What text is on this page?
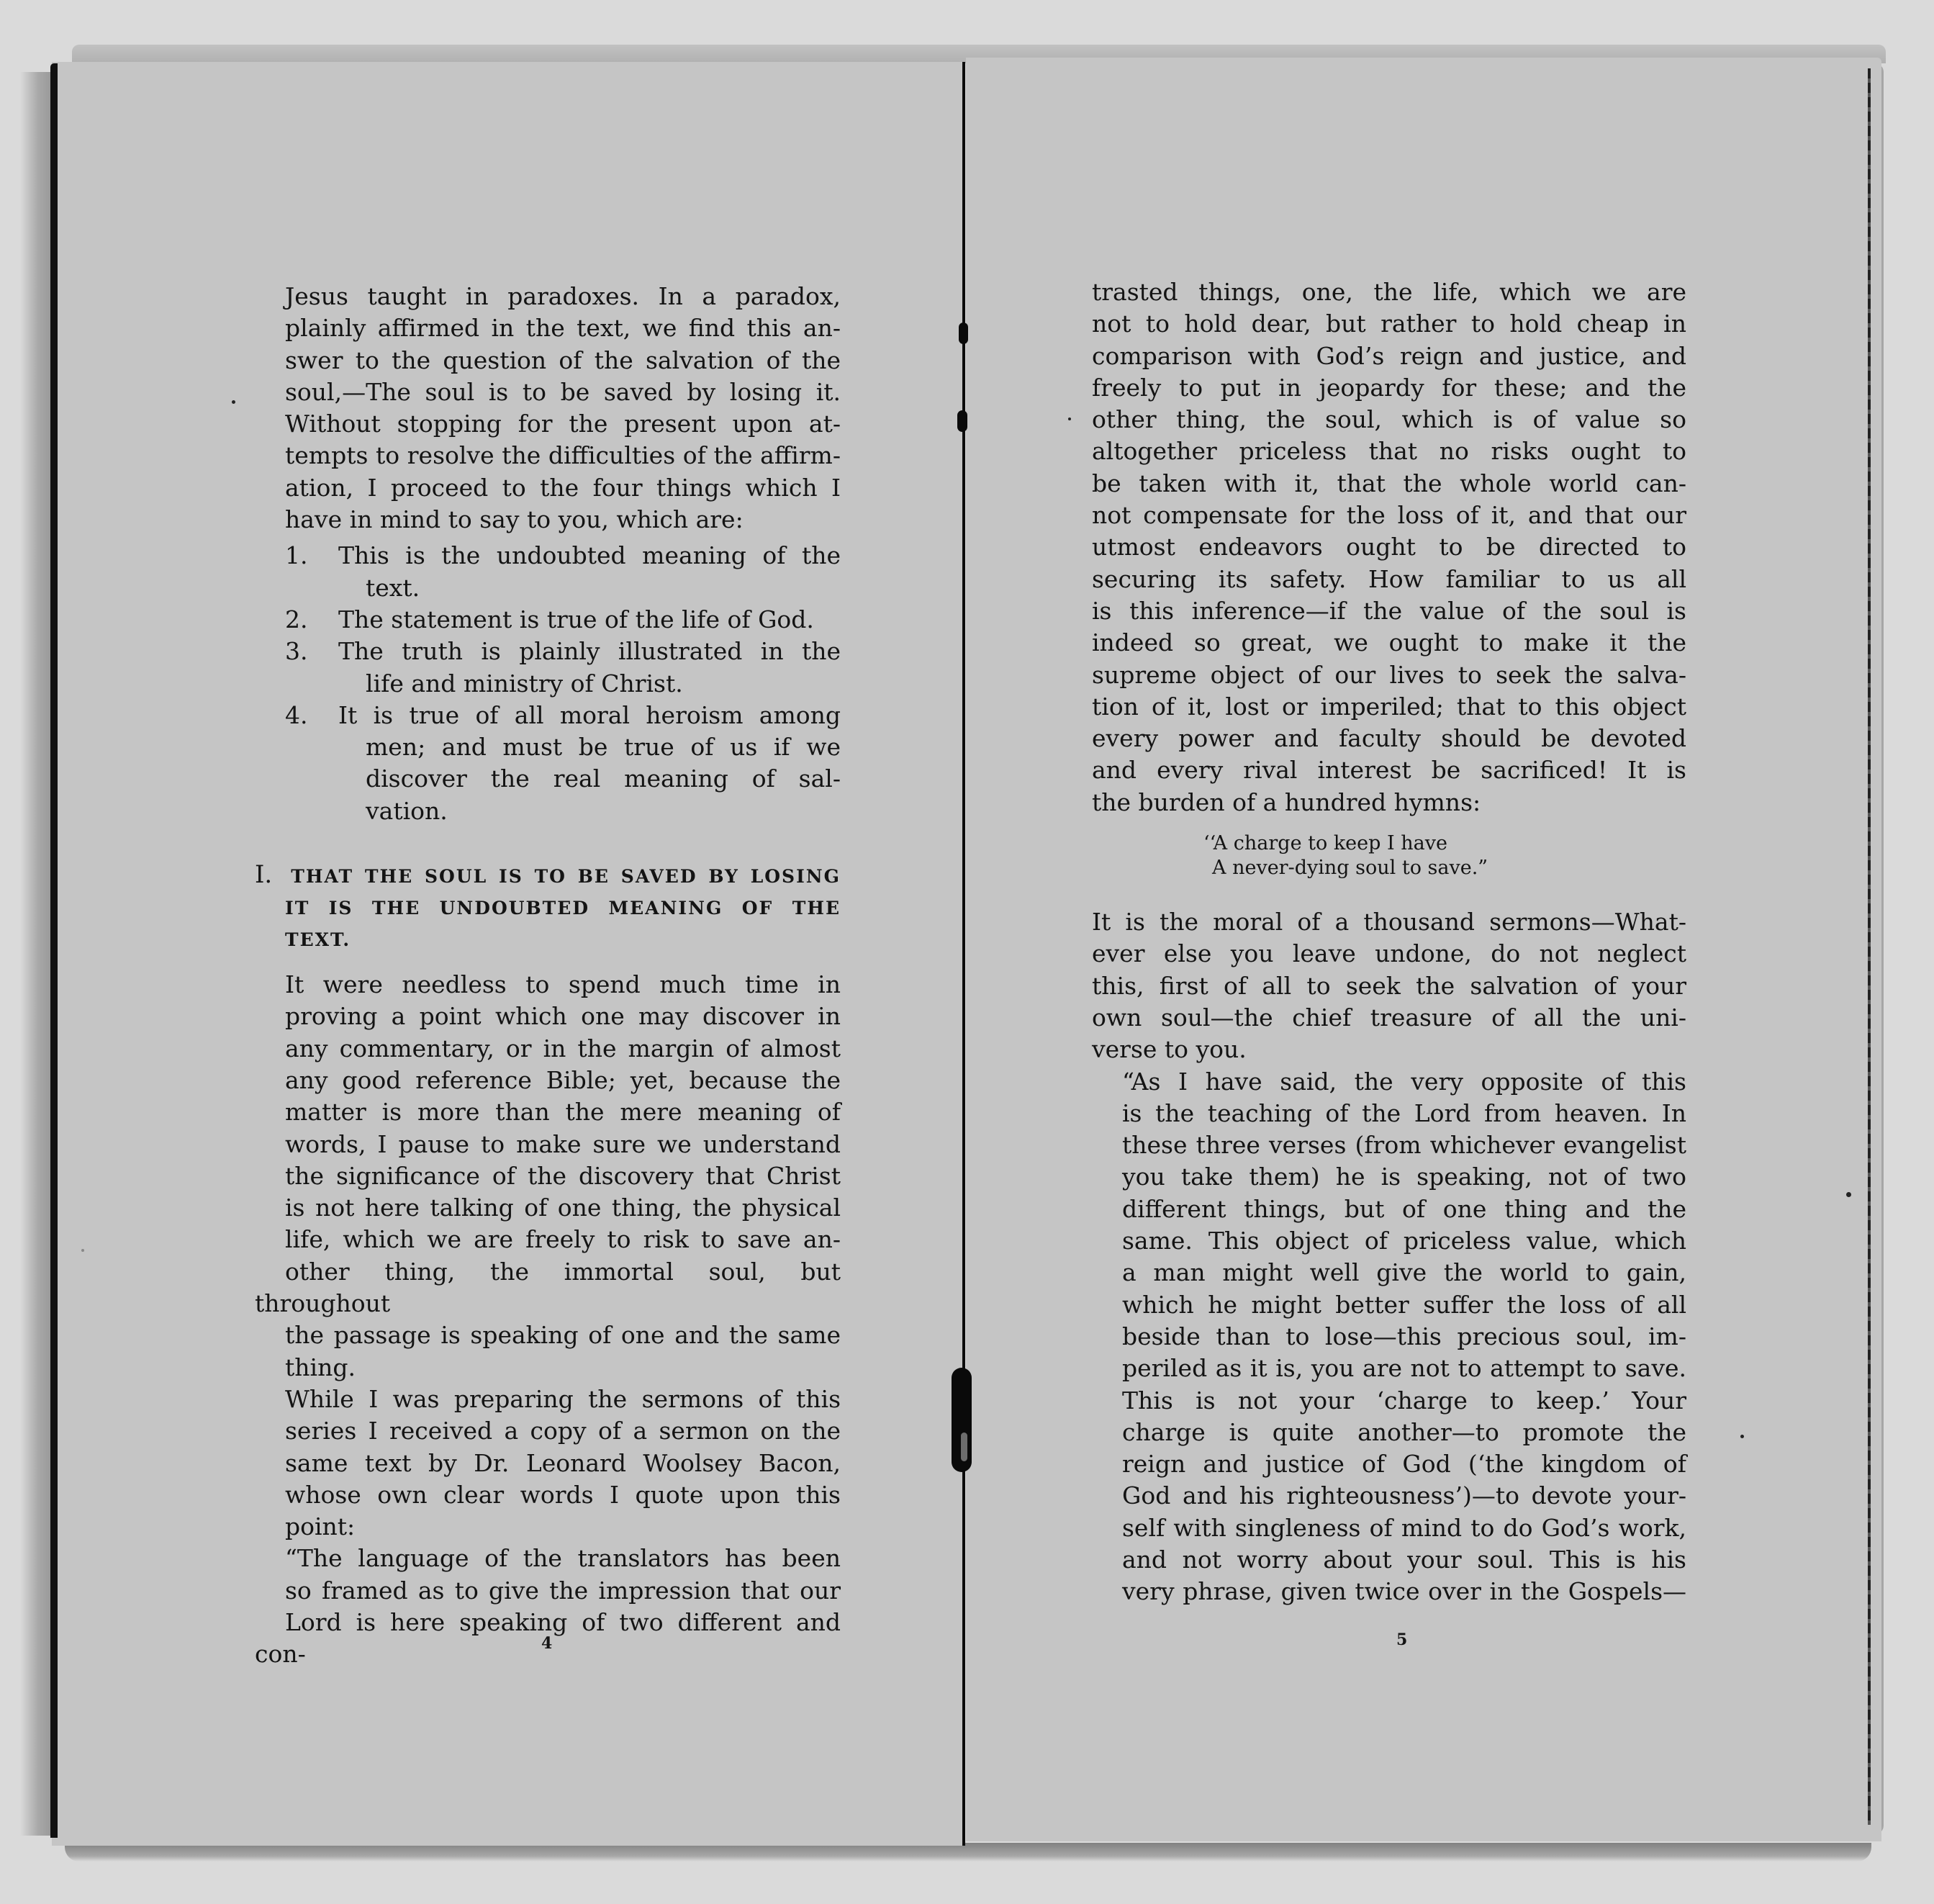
Jesus taught in paradoxes. In a paradox,
plainly affirmed in the text, we find this an-
swer to the question of the salvation of the
soul,—The soul is to be saved by losing it.

Without stopping for the present upon at-
tempts to resolve the difficulties of the affirm-
ation, I proceed to the four things which I
have in mind to say to you, which are:

1. This is the undoubted meaning of the
text.
2. The statement is true of the life of God.
3. The truth is plainly illustrated in the
life and ministry of Christ.
4. It is true of all moral heroism among
men; and must be true of us if we
discover the real meaning of sal-
vation.
I. THAT THE SOUL IS TO BE SAVED BY LOSING
IT IS THE UNDOUBTED MEANING OF THE
TEXT.

It were needless to spend much time in
proving a point which one may discover in
any commentary, or in the margin of almost
any good reference Bible; yet, because the
matter is more than the mere meaning of
words, I pause to make sure we understand
the significance of the discovery that Christ
is not here talking of one thing, the physical
life, which we are freely to risk to save an-
other thing, the immortal soul, but throughout
the passage is speaking of one and the same
thing.

While I was preparing the sermons of this
series I received a copy of a sermon on the
same text by Dr. Leonard Woolsey Bacon,
whose own clear words I quote upon this
point:

“The language of the translators has been
so framed as to give the impression that our
Lord is here speaking of two different and con-	4

trasted things, one, the life, which we are
not to hold dear, but rather to hold cheap in
comparison with God’s reign and justice, and
freely to put in jeopardy for these; and the
other thing, the soul, which is of value so
altogether priceless that no risks ought to
be taken with it, that the whole world can-
not compensate for the loss of it, and that our
utmost endeavors ought to be directed to
securing its safety. How familiar to us all
is this inference—if the value of the soul is
indeed so great, we ought to make it the
supreme object of our lives to seek the salva-
tion of it, lost or imperiled; that to this object
every power and faculty should be devoted
and every rival interest be sacrificed! It is
the burden of a hundred hymns:

‘‘A charge to keep I have
A never-dying soul to save.”

It is the moral of a thousand sermons—What-
ever else you leave undone, do not neglect
this, first of all to seek the salvation of your
own soul—the chief treasure of all the uni-
verse to you.

“As I have said, the very opposite of this
is the teaching of the Lord from heaven. In
these three verses (from whichever evangelist
you take them) he is speaking, not of two
different things, but of one thing and the
same. This object of priceless value, which
a man might well give the world to gain,
which he might better suffer the loss of all
beside than to lose—this precious soul, im-
periled as it is, you are not to attempt to save.
This is not your ‘charge to keep.’ Your
charge is quite another—to promote the
reign and justice of God (‘the kingdom of
God and his righteousness’)—to devote your-
self with singleness of mind to do God’s work,
and not worry about your soul. This is his
very phrase, given twice over in the Gospels—

5
